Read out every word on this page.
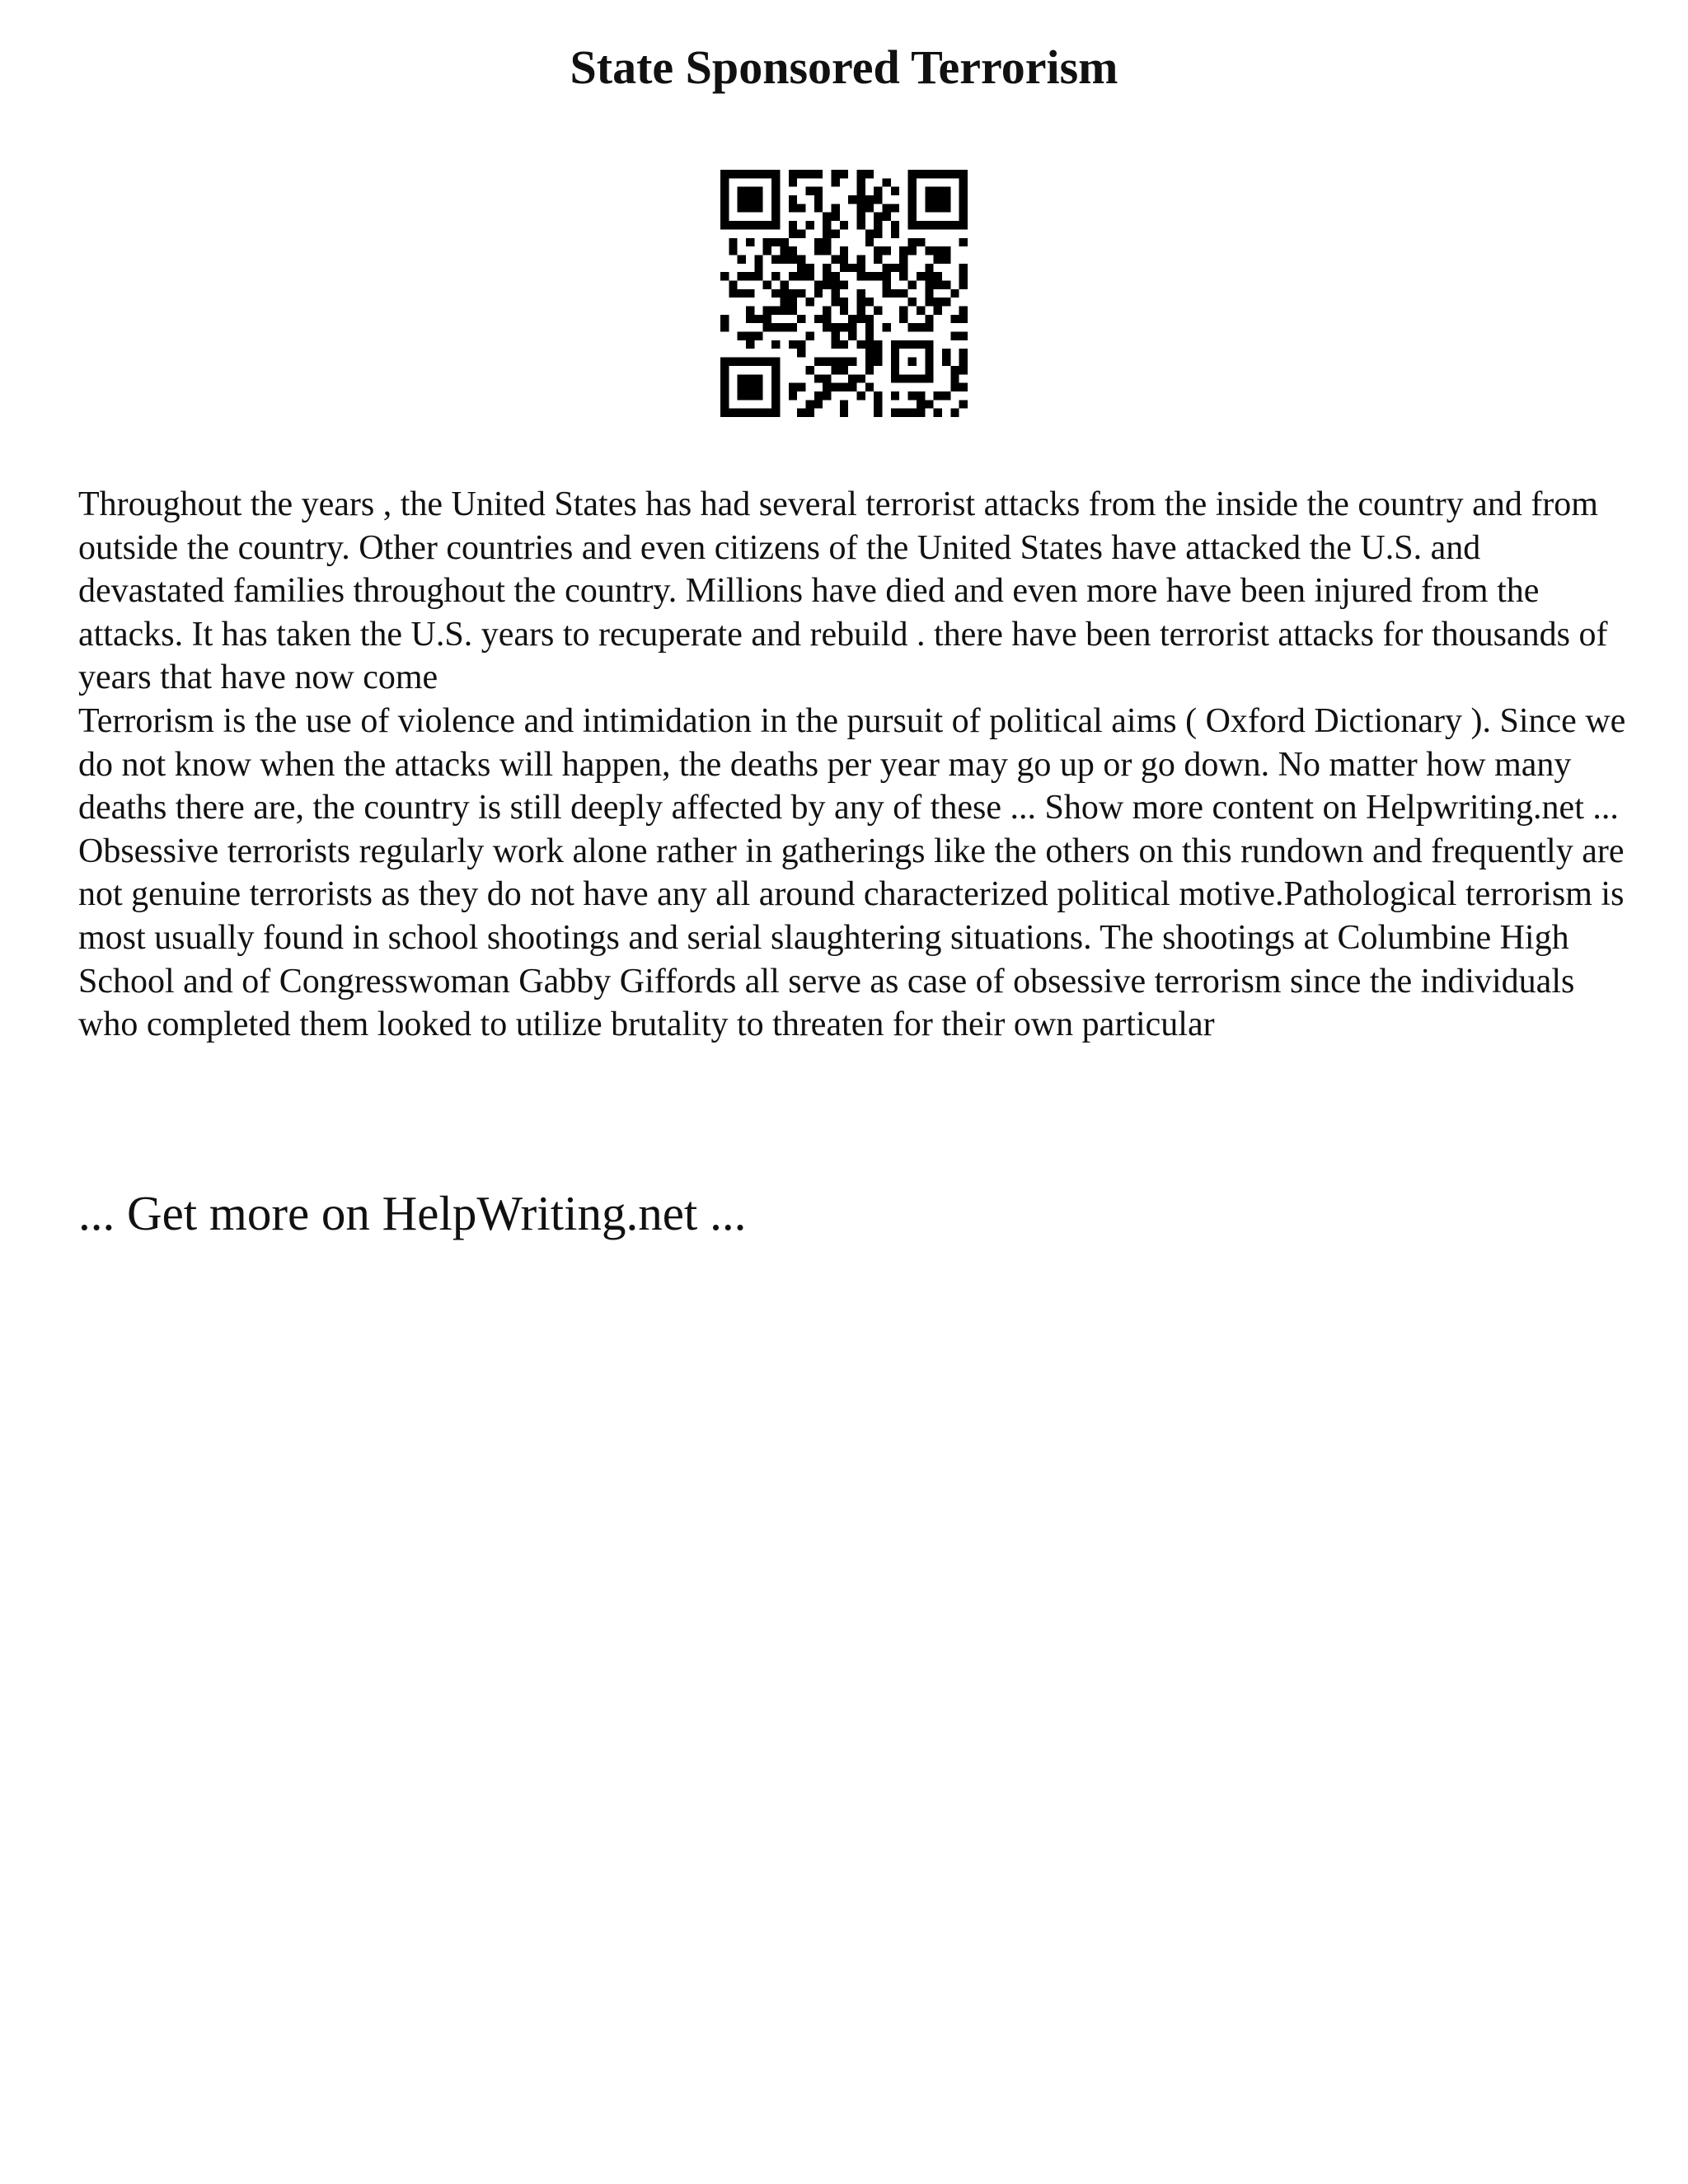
State Sponsored Terrorism

Throughout the years , the United States has had several terrorist attacks from the inside the country and from outside the country. Other countries and even citizens of the United States have attacked the U.S. and devastated families throughout the country. Millions have died and even more have been injured from the attacks. It has taken the U.S. years to recuperate and rebuild . there have been terrorist attacks for thousands of years that have now come

Terrorism is the use of violence and intimidation in the pursuit of political aims ( Oxford Dictionary ). Since we do not know when the attacks will happen, the deaths per year may go up or go down. No matter how many deaths there are, the country is still deeply affected by any of these ... Show more content on Helpwriting.net ...

Obsessive terrorists regularly work alone rather in gatherings like the others on this rundown and frequently are not genuine terrorists as they do not have any all around characterized political motive.Pathological terrorism is most usually found in school shootings and serial slaughtering situations. The shootings at Columbine High School and of Congresswoman Gabby Giffords all serve as case of obsessive terrorism since the individuals who completed them looked to utilize brutality to threaten for their own particular

... Get more on HelpWriting.net ...
